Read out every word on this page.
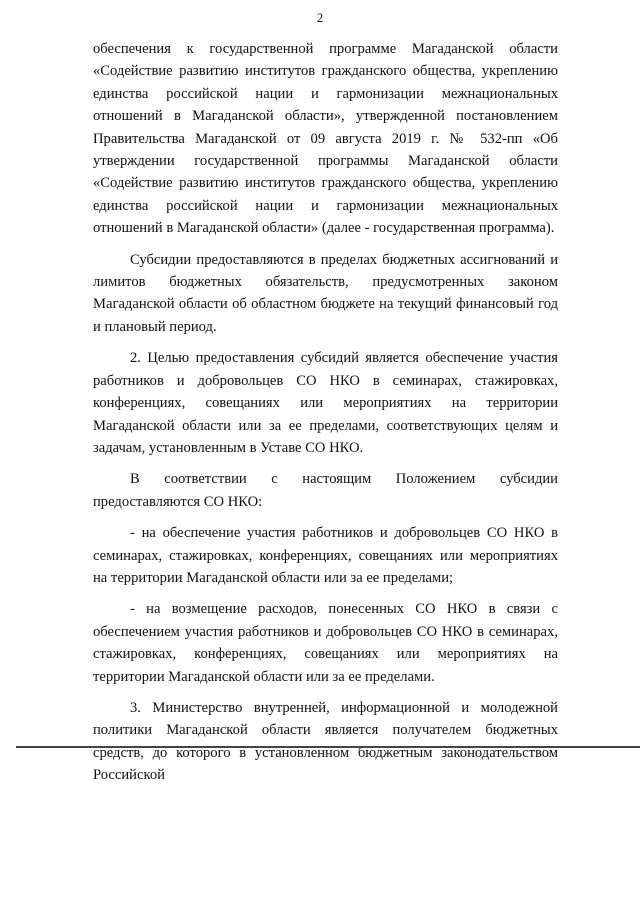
2

обеспечения к государственной программе Магаданской области «Содействие развитию институтов гражданского общества, укреплению единства российской нации и гармонизации межнациональных отношений в Магаданской области», утвержденной постановлением Правительства Магаданской от 09 августа 2019 г. № 532-пп «Об утверждении государственной программы Магаданской области «Содействие развитию институтов гражданского общества, укреплению единства российской нации и гармонизации межнациональных отношений в Магаданской области» (далее - государственная программа).

Субсидии предоставляются в пределах бюджетных ассигнований и лимитов бюджетных обязательств, предусмотренных законом Магаданской области об областном бюджете на текущий финансовый год и плановый период.

2. Целью предоставления субсидий является обеспечение участия работников и добровольцев СО НКО в семинарах, стажировках, конференциях, совещаниях или мероприятиях на территории Магаданской области или за ее пределами, соответствующих целям и задачам, установленным в Уставе СО НКО.

В соответствии с настоящим Положением субсидии предоставляются СО НКО:

- на обеспечение участия работников и добровольцев СО НКО в семинарах, стажировках, конференциях, совещаниях или мероприятиях на территории Магаданской области или за ее пределами;

- на возмещение расходов, понесенных СО НКО в связи с обеспечением участия работников и добровольцев СО НКО в семинарах, стажировках, конференциях, совещаниях или мероприятиях на территории Магаданской области или за ее пределами.

3. Министерство внутренней, информационной и молодежной политики Магаданской области является получателем бюджетных средств, до которого в установленном бюджетным законодательством Российской
